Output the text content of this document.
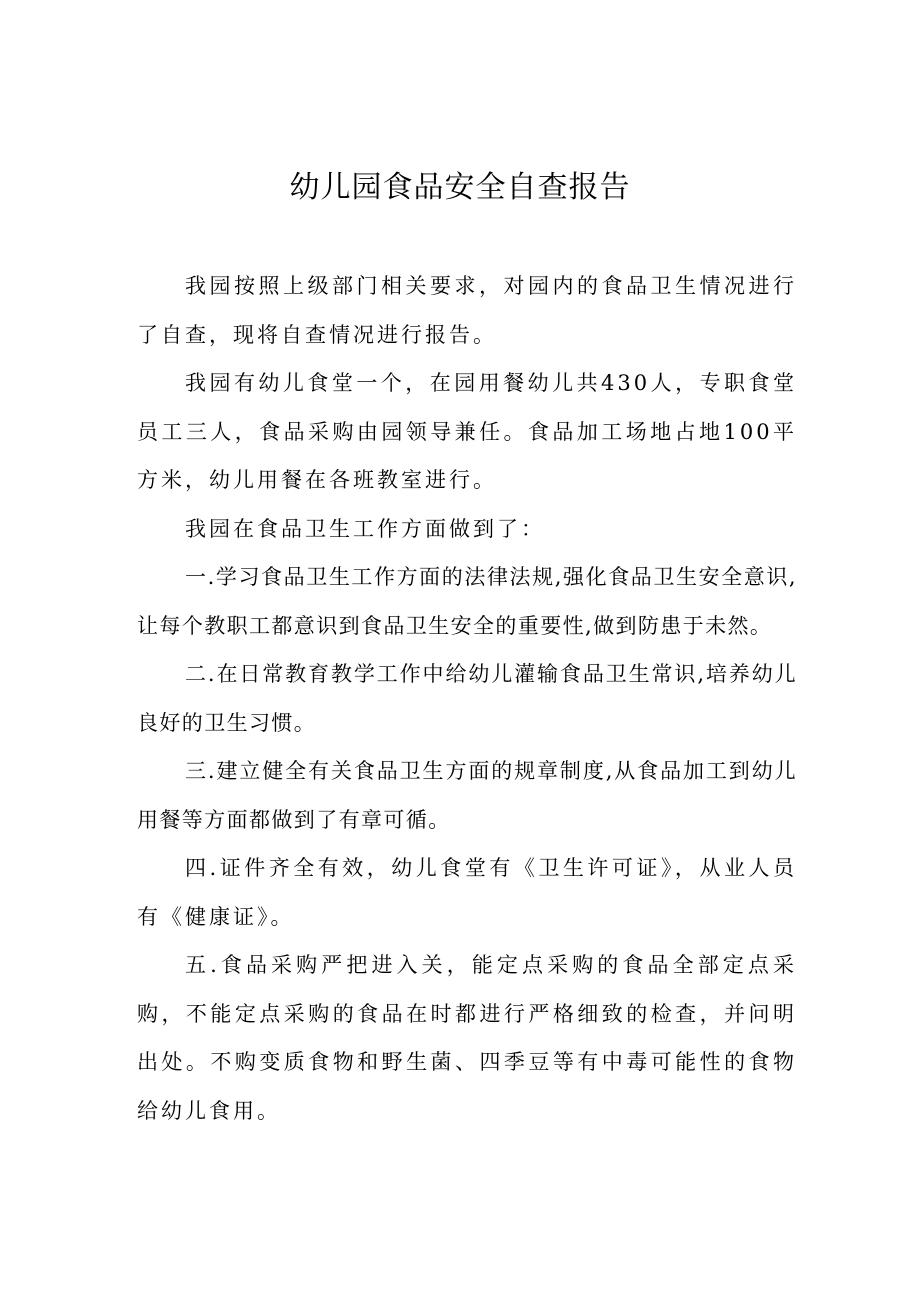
幼儿园食品安全自查报告

我园按照上级部门相关要求，对园内的食品卫生情况进行了自查，现将自查情况进行报告。

我园有幼儿食堂一个，在园用餐幼儿共430人，专职食堂员工三人，食品采购由园领导兼任。食品加工场地占地100平方米，幼儿用餐在各班教室进行。

我园在食品卫生工作方面做到了：

一.学习食品卫生工作方面的法律法规,强化食品卫生安全意识,让每个教职工都意识到食品卫生安全的重要性,做到防患于未然。

二.在日常教育教学工作中给幼儿灌输食品卫生常识,培养幼儿良好的卫生习惯。

三.建立健全有关食品卫生方面的规章制度,从食品加工到幼儿用餐等方面都做到了有章可循。

四.证件齐全有效，幼儿食堂有《卫生许可证》，从业人员有《健康证》。

五.食品采购严把进入关，能定点采购的食品全部定点采购，不能定点采购的食品在时都进行严格细致的检查，并问明出处。不购变质食物和野生菌、四季豆等有中毒可能性的食物给幼儿食用。
